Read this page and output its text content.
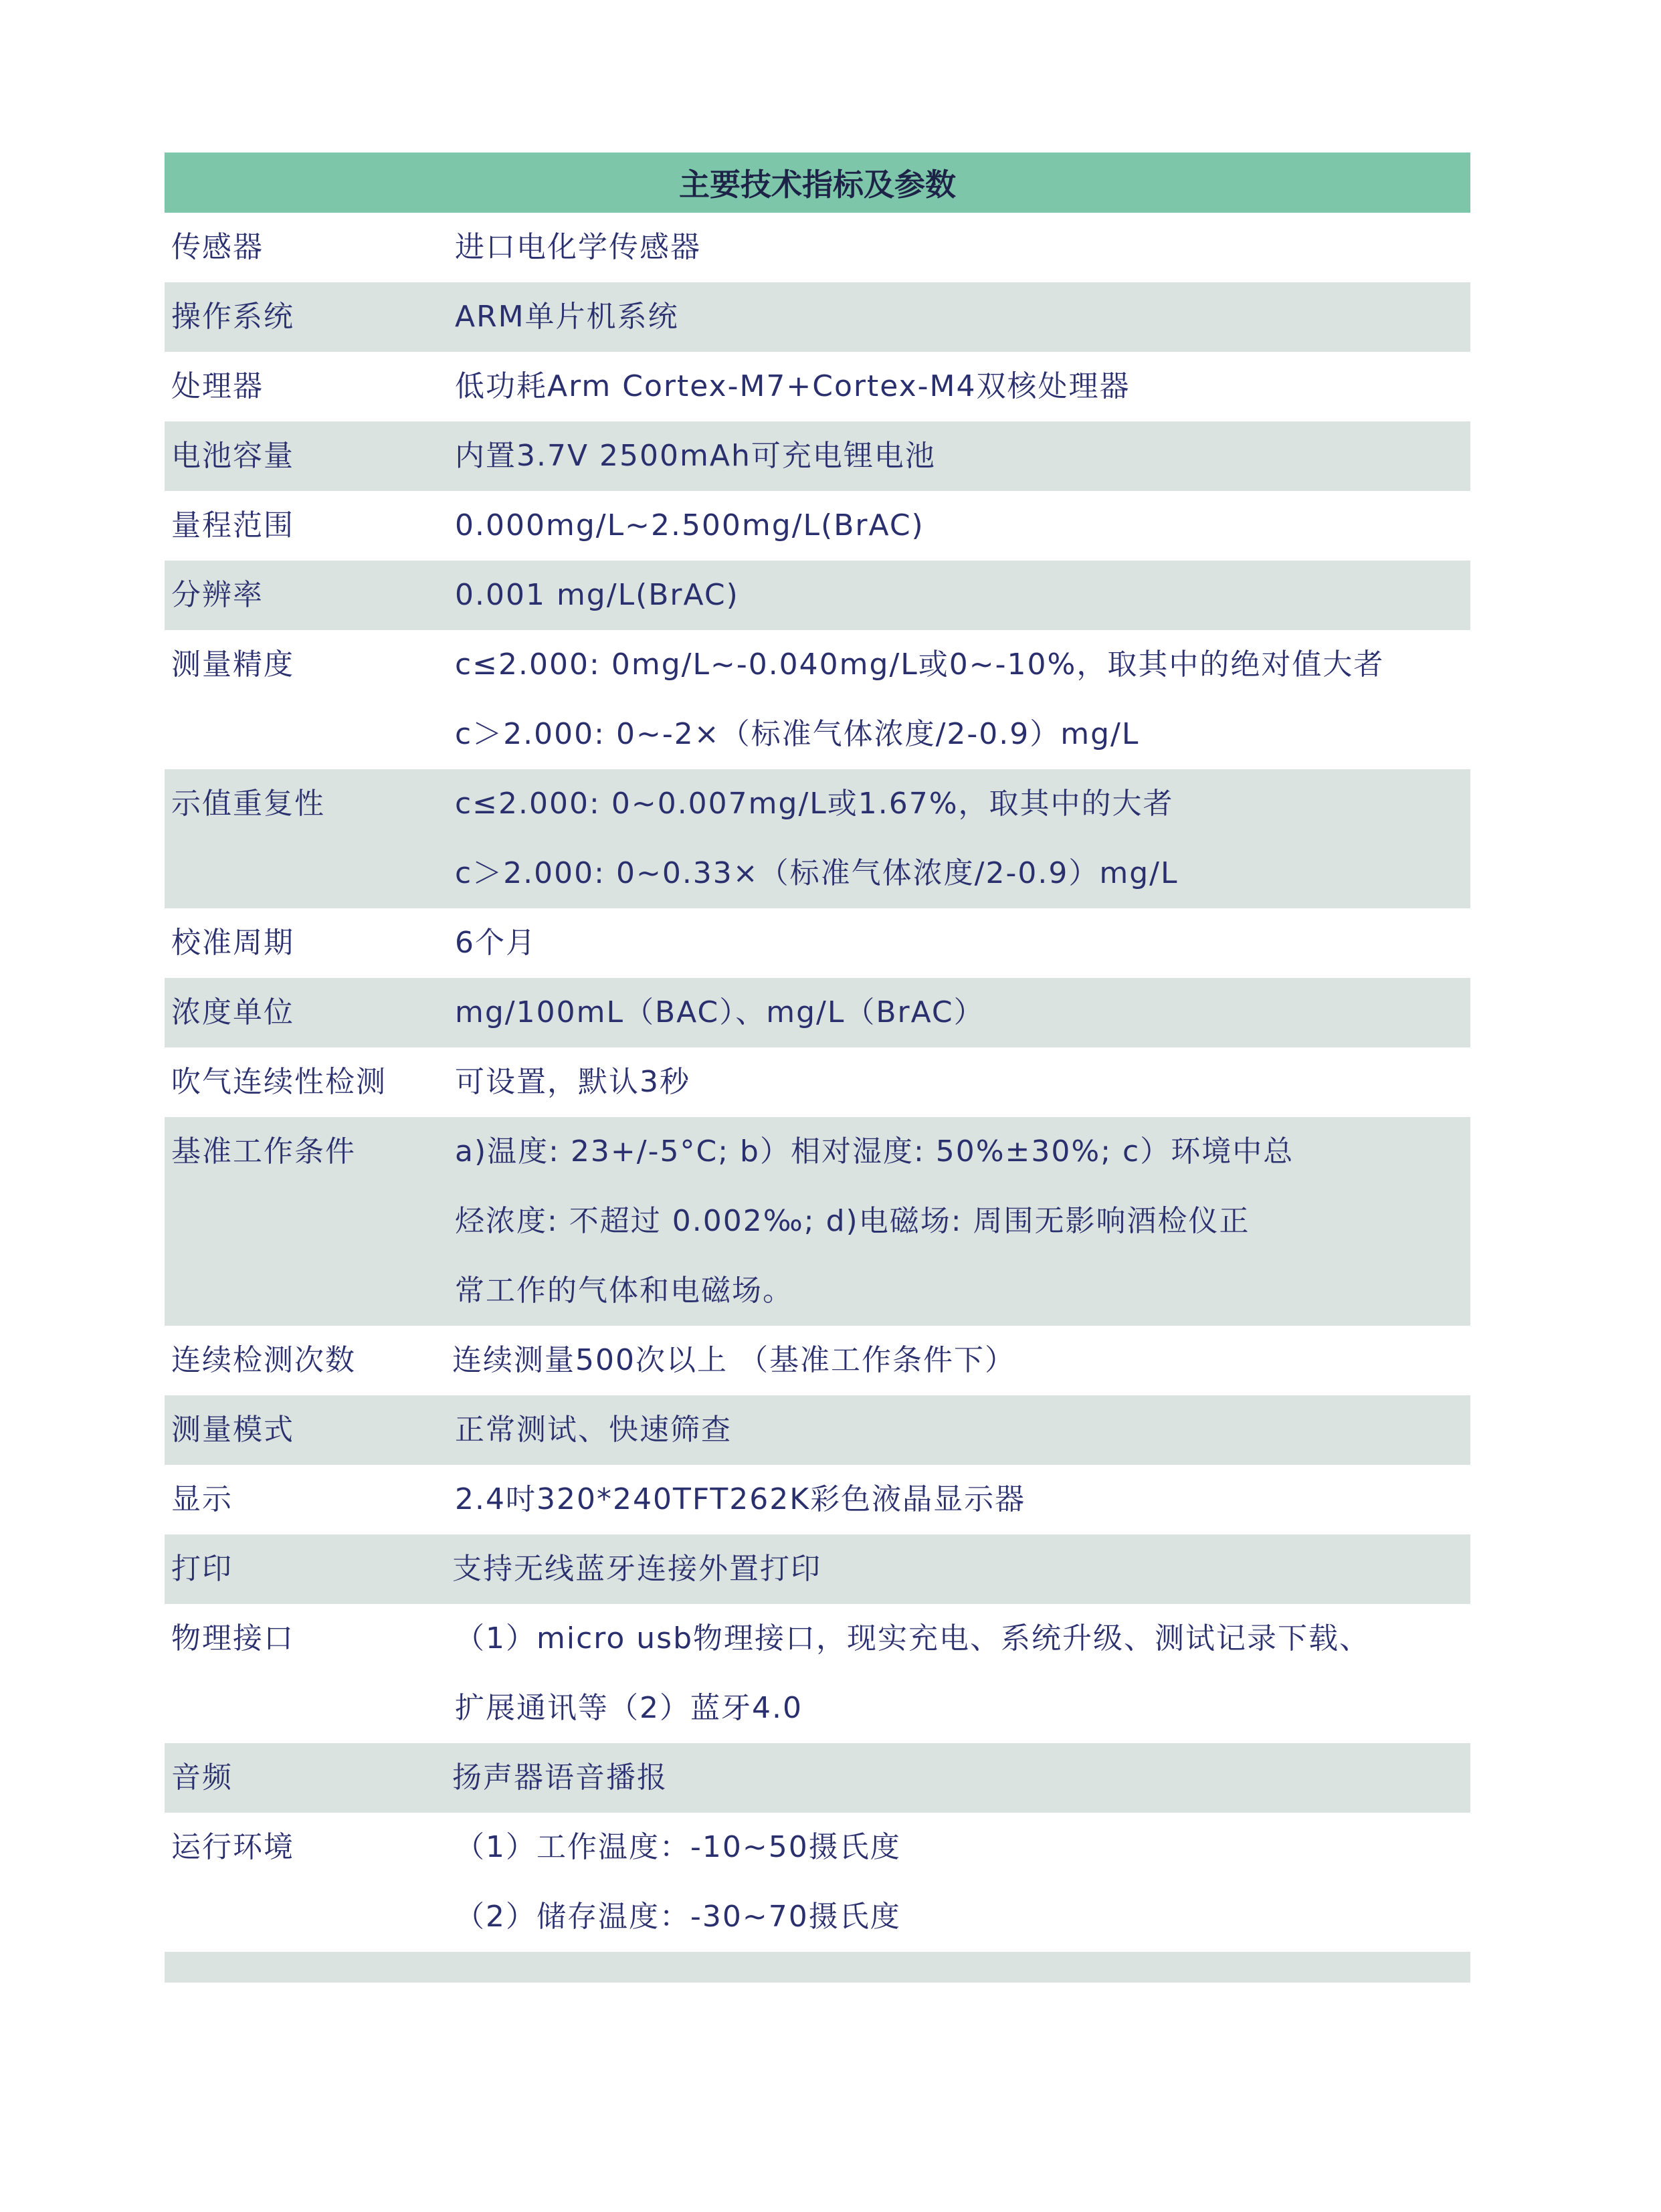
主要技术指标及参数
传感器	进口电化学传感器
操作系统	ARM单片机系统
处理器	低功耗Arm Cortex-M7+Cortex-M4双核处理器
电池容量	内置3.7V 2500mAh可充电锂电池
量程范围	0.000mg/L~2.500mg/L(BrAC)
分辨率	0.001 mg/L(BrAC)
测量精度	c≤2.000: 0mg/L~-0.040mg/L或0~-10%，取其中的绝对值大者
c＞2.000: 0~-2×（标准气体浓度/2-0.9）mg/L
示值重复性	c≤2.000: 0~0.007mg/L或1.67%，取其中的大者
c＞2.000: 0~0.33×（标准气体浓度/2-0.9）mg/L
校准周期	6个月
浓度单位	mg/100mL（BAC）、mg/L（BrAC）
吹气连续性检测	可设置，默认3秒
基准工作条件	a)温度: 23+/-5°C; b）相对湿度: 50%±30%; c）环境中总
烃浓度: 不超过 0.002‰; d)电磁场: 周围无影响酒检仪正
常工作的气体和电磁场。
连续检测次数	连续测量500次以上 （基准工作条件下）
测量模式	正常测试、快速筛查
显示	2.4吋320*240TFT262K彩色液晶显示器
打印	支持无线蓝牙连接外置打印
物理接口	（1）micro usb物理接口，现实充电、系统升级、测试记录下载、
扩展通讯等（2）蓝牙4.0
音频	扬声器语音播报
运行环境	（1）工作温度：-10~50摄氏度
（2）储存温度：-30~70摄氏度
